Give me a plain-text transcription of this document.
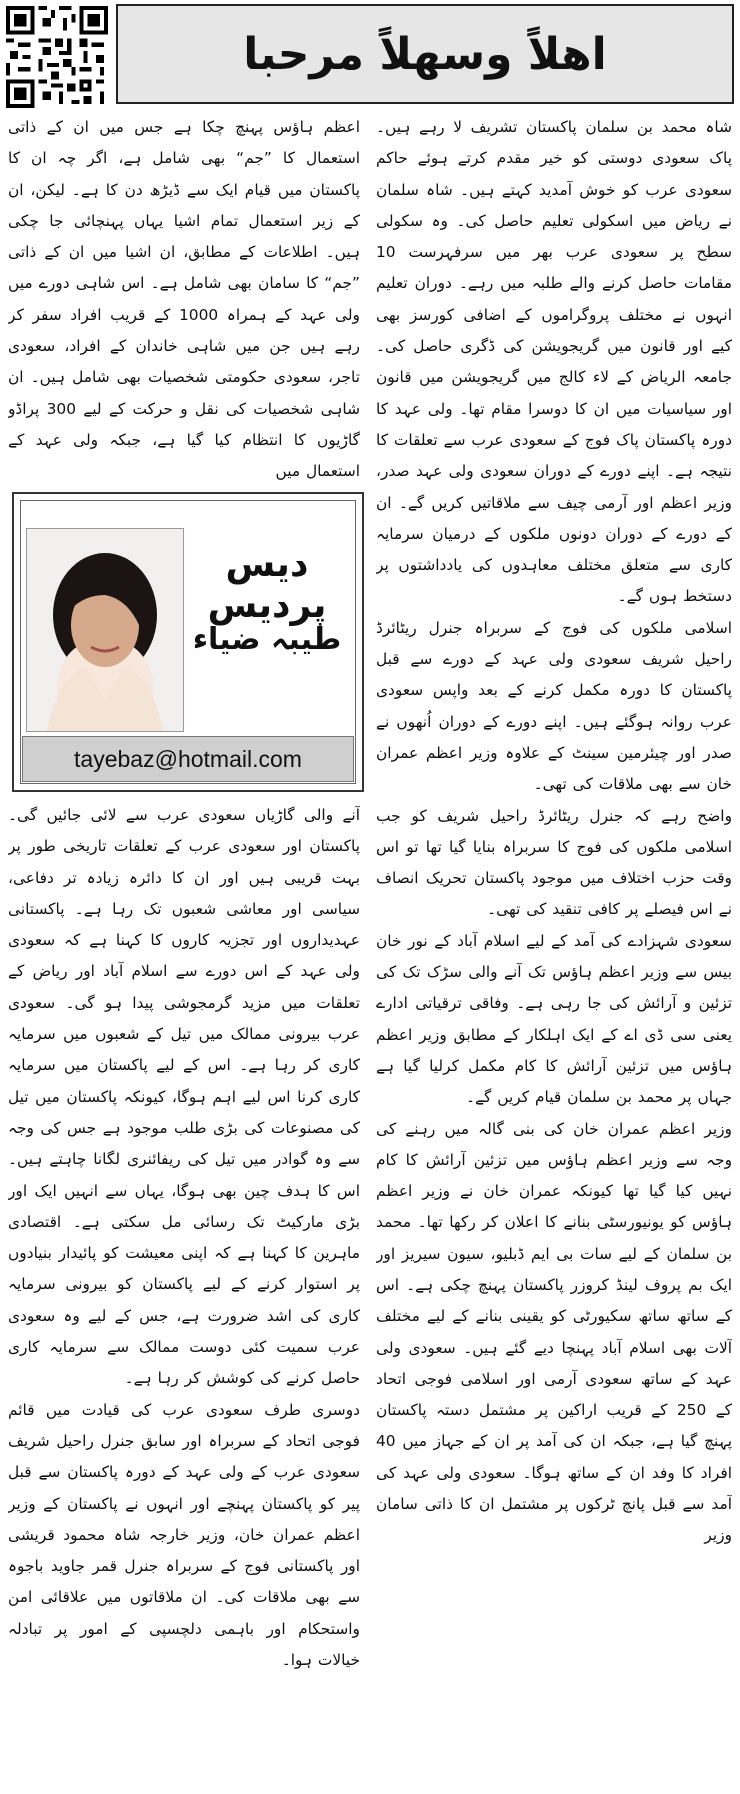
اهلاً وسهلاً مرحبا

شاہ محمد بن سلمان پاکستان تشریف لا رہے ہیں۔ پاک سعودی دوستی کو خیر مقدم کرتے ہوئے حاکم سعودی عرب کو خوش آمدید کہتے ہیں۔ شاہ سلمان نے ریاض میں اسکولی تعلیم حاصل کی۔ وہ سکولی سطح پر سعودی عرب بھر میں سرفہرست 10 مقامات حاصل کرنے والے طلبہ میں رہے۔ دوران تعلیم انہوں نے مختلف پروگراموں کے اضافی کورسز بھی کیے اور قانون میں گریجویشن کی ڈگری حاصل کی۔ جامعہ الریاض کے لاء کالج میں گریجویشن میں قانون اور سیاسیات میں ان کا دوسرا مقام تھا۔ ولی عہد کا دورہ پاکستان پاک فوج کے سعودی عرب سے تعلقات کا نتیجہ ہے۔ اپنے دورے کے دوران سعودی ولی عہد صدر، وزیر اعظم اور آرمی چیف سے ملاقاتیں کریں گے۔ ان کے دورے کے دوران دونوں ملکوں کے درمیان سرمایہ کاری سے متعلق مختلف معاہدوں کی یادداشتوں پر دستخط ہوں گے۔

اسلامی ملکوں کی فوج کے سربراہ جنرل ریٹائرڈ راحیل شریف سعودی ولی عہد کے دورے سے قبل پاکستان کا دورہ مکمل کرنے کے بعد واپس سعودی عرب روانہ ہوگئے ہیں۔ اپنے دورے کے دوران اُنھوں نے صدر اور چیئرمین سینٹ کے علاوہ وزیر اعظم عمران خان سے بھی ملاقات کی تھی۔

واضح رہے کہ جنرل ریٹائرڈ راحیل شریف کو جب اسلامی ملکوں کی فوج کا سربراہ بنایا گیا تھا تو اس وقت حزب اختلاف میں موجود پاکستان تحریک انصاف نے اس فیصلے پر کافی تنقید کی تھی۔

سعودی شہزادے کی آمد کے لیے اسلام آباد کے نور خان بیس سے وزیر اعظم ہاؤس تک آنے والی سڑک تک کی تزئین و آرائش کی جا رہی ہے۔ وفاقی ترقیاتی ادارے یعنی سی ڈی اے کے ایک اہلکار کے مطابق وزیر اعظم ہاؤس میں تزئین آرائش کا کام مکمل کرلیا گیا ہے جہاں پر محمد بن سلمان قیام کریں گے۔

وزیر اعظم عمران خان کی بنی گالہ میں رہنے کی وجہ سے وزیر اعظم ہاؤس میں تزئین آرائش کا کام نہیں کیا گیا تھا کیونکہ عمران خان نے وزیر اعظم ہاؤس کو یونیورسٹی بنانے کا اعلان کر رکھا تھا۔ محمد بن سلمان کے لیے سات بی ایم ڈبلیو، سیون سیریز اور ایک بم پروف لینڈ کروزر پاکستان پہنچ چکی ہے۔ اس کے ساتھ ساتھ سکیورٹی کو یقینی بنانے کے لیے مختلف آلات بھی اسلام آباد پہنچا دیے گئے ہیں۔ سعودی ولی عہد کے ساتھ سعودی آرمی اور اسلامی فوجی اتحاد کے 250 کے قریب اراکین پر مشتمل دستہ پاکستان پہنچ گیا ہے، جبکہ ان کی آمد پر ان کے جہاز میں 40 افراد کا وفد ان کے ساتھ ہوگا۔ سعودی ولی عہد کی آمد سے قبل پانچ ٹرکوں پر مشتمل ان کا ذاتی سامان وزیر

اعظم ہاؤس پہنچ چکا ہے جس میں ان کے ذاتی استعمال کا ”جم“ بھی شامل ہے، اگر چہ ان کا پاکستان میں قیام ایک سے ڈیڑھ دن کا ہے۔ لیکن، ان کے زیر استعمال تمام اشیا یہاں پہنچائی جا چکی ہیں۔ اطلاعات کے مطابق، ان اشیا میں ان کے ذاتی ”جم“ کا سامان بھی شامل ہے۔ اس شاہی دورے میں ولی عہد کے ہمراہ 1000 کے قریب افراد سفر کر رہے ہیں جن میں شاہی خاندان کے افراد، سعودی تاجر، سعودی حکومتی شخصیات بھی شامل ہیں۔ ان شاہی شخصیات کی نقل و حرکت کے لیے 300 پراڈو گاڑیوں کا انتظام کیا گیا ہے، جبکہ ولی عہد کے استعمال میں

دیس پردیس
طیبہ ضیاء
tayebaz@hotmail.com

آنے والی گاڑیاں سعودی عرب سے لائی جائیں گی۔ پاکستان اور سعودی عرب کے تعلقات تاریخی طور پر بہت قریبی ہیں اور ان کا دائرہ زیادہ تر دفاعی، سیاسی اور معاشی شعبوں تک رہا ہے۔ پاکستانی عہدیداروں اور تجزیہ کاروں کا کہنا ہے کہ سعودی ولی عہد کے اس دورے سے اسلام آباد اور ریاض کے تعلقات میں مزید گرمجوشی پیدا ہو گی۔ سعودی عرب بیرونی ممالک میں تیل کے شعبوں میں سرمایہ کاری کر رہا ہے۔ اس کے لیے پاکستان میں سرمایہ کاری کرنا اس لیے اہم ہوگا، کیونکہ پاکستان میں تیل کی مصنوعات کی بڑی طلب موجود ہے جس کی وجہ سے وہ گوادر میں تیل کی ریفائنری لگانا چاہتے ہیں۔ اس کا ہدف چین بھی ہوگا، یہاں سے انہیں ایک اور بڑی مارکیٹ تک رسائی مل سکتی ہے۔ اقتصادی ماہرین کا کہنا ہے کہ اپنی معیشت کو پائیدار بنیادوں پر استوار کرنے کے لیے پاکستان کو بیرونی سرمایہ کاری کی اشد ضرورت ہے، جس کے لیے وہ سعودی عرب سمیت کئی دوست ممالک سے سرمایہ کاری حاصل کرنے کی کوشش کر رہا ہے۔

دوسری طرف سعودی عرب کی قیادت میں قائم فوجی اتحاد کے سربراہ اور سابق جنرل راحیل شریف سعودی عرب کے ولی عہد کے دورہ پاکستان سے قبل پیر کو پاکستان پہنچے اور انہوں نے پاکستان کے وزیر اعظم عمران خان، وزیر خارجہ شاہ محمود قریشی اور پاکستانی فوج کے سربراہ جنرل قمر جاوید باجوہ سے بھی ملاقات کی۔ ان ملاقاتوں میں علاقائی امن واستحکام اور باہمی دلچسپی کے امور پر تبادلہ خیالات ہوا۔
